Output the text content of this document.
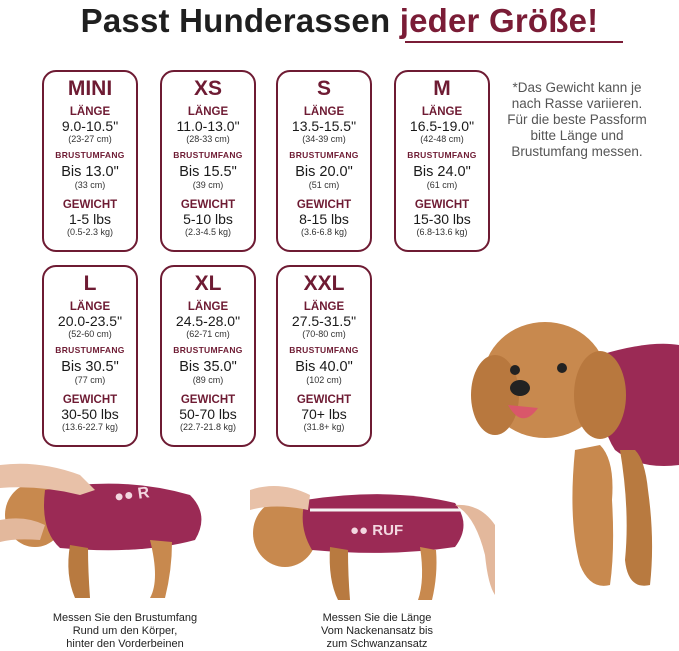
Passt Hunderassen jeder Größe!
MINI
LÄNGE
9.0-10.5"
(23-27 cm)
BRUSTUMFANG
Bis 13.0"
(33 cm)
GEWICHT
1-5 lbs
(0.5-2.3 kg)
XS
LÄNGE
11.0-13.0"
(28-33 cm)
BRUSTUMFANG
Bis 15.5"
(39 cm)
GEWICHT
5-10 lbs
(2.3-4.5 kg)
S
LÄNGE
13.5-15.5"
(34-39 cm)
BRUSTUMFANG
Bis 20.0"
(51 cm)
GEWICHT
8-15 lbs
(3.6-6.8 kg)
M
LÄNGE
16.5-19.0"
(42-48 cm)
BRUSTUMFANG
Bis 24.0"
(61 cm)
GEWICHT
15-30 lbs
(6.8-13.6 kg)
L
LÄNGE
20.0-23.5"
(52-60 cm)
BRUSTUMFANG
Bis 30.5"
(77 cm)
GEWICHT
30-50 lbs
(13.6-22.7 kg)
XL
LÄNGE
24.5-28.0"
(62-71 cm)
BRUSTUMFANG
Bis 35.0"
(89 cm)
GEWICHT
50-70 lbs
(22.7-21.8 kg)
XXL
LÄNGE
27.5-31.5"
(70-80 cm)
BRUSTUMFANG
Bis 40.0"
(102 cm)
GEWICHT
70+ lbs
(31.8+ kg)
*Das Gewicht kann je nach Rasse variieren. Für die beste Passform bitte Länge und Brustumfang messen.
●● R
●● RUF
Messen Sie den Brustumfang
Rund um den Körper,
hinter den Vorderbeinen
Messen Sie die Länge
Vom Nackenansatz bis
zum Schwanzansatz
